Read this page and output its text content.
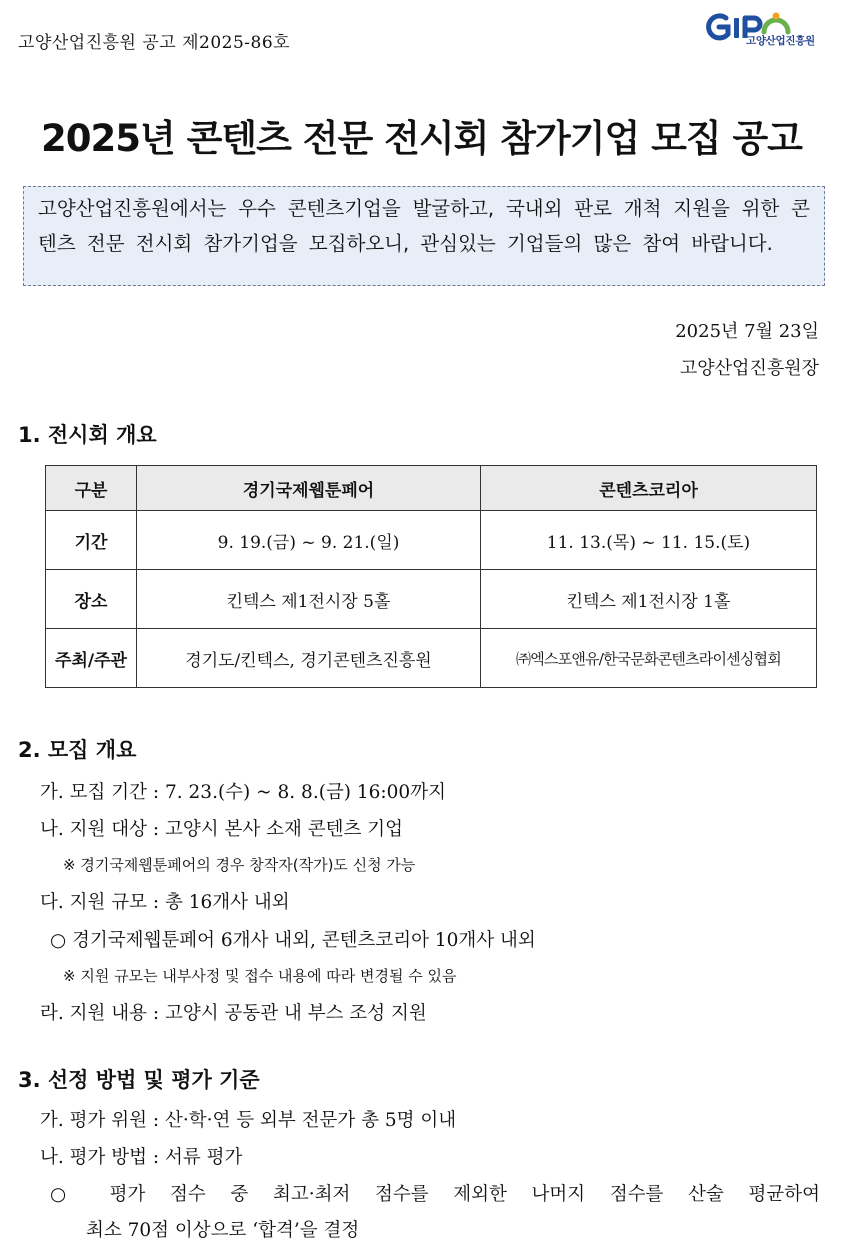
고양산업진흥원 공고 제2025-86호	고양산업진흥원
2025년 콘텐츠 전문 전시회 참가기업 모집 공고
고양산업진흥원에서는 우수 콘텐츠기업을 발굴하고, 국내외 판로 개척 지원을 위한 콘텐츠 전문 전시회 참가기업을 모집하오니, 관심있는 기업들의 많은 참여 바랍니다.
2025년 7월 23일
고양산업진흥원장
1. 전시회 개요
구분	경기국제웹툰페어	콘텐츠코리아
기간	9. 19.(금) ~ 9. 21.(일)	11. 13.(목) ~ 11. 15.(토)
장소	킨텍스 제1전시장 5홀	킨텍스 제1전시장 1홀
주최/주관	경기도/킨텍스, 경기콘텐츠진흥원	㈜엑스포앤유/한국문화콘텐츠라이센싱협회
2. 모집 개요
가. 모집 기간 : 7. 23.(수) ~ 8. 8.(금) 16:00까지
나. 지원 대상 : 고양시 본사 소재 콘텐츠 기업
※ 경기국제웹툰페어의 경우 창작자(작가)도 신청 가능
다. 지원 규모 : 총 16개사 내외
○ 경기국제웹툰페어 6개사 내외, 콘텐츠코리아 10개사 내외
※ 지원 규모는 내부사정 및 접수 내용에 따라 변경될 수 있음
라. 지원 내용 : 고양시 공동관 내 부스 조성 지원
3. 선정 방법 및 평가 기준
가. 평가 위원 : 산·학·연 등 외부 전문가 총 5명 이내
나. 평가 방법 : 서류 평가
○ 평가 점수 중 최고·최저 점수를 제외한 나머지 점수를 산술 평균하여
최소 70점 이상으로 ‘합격’을 결정
